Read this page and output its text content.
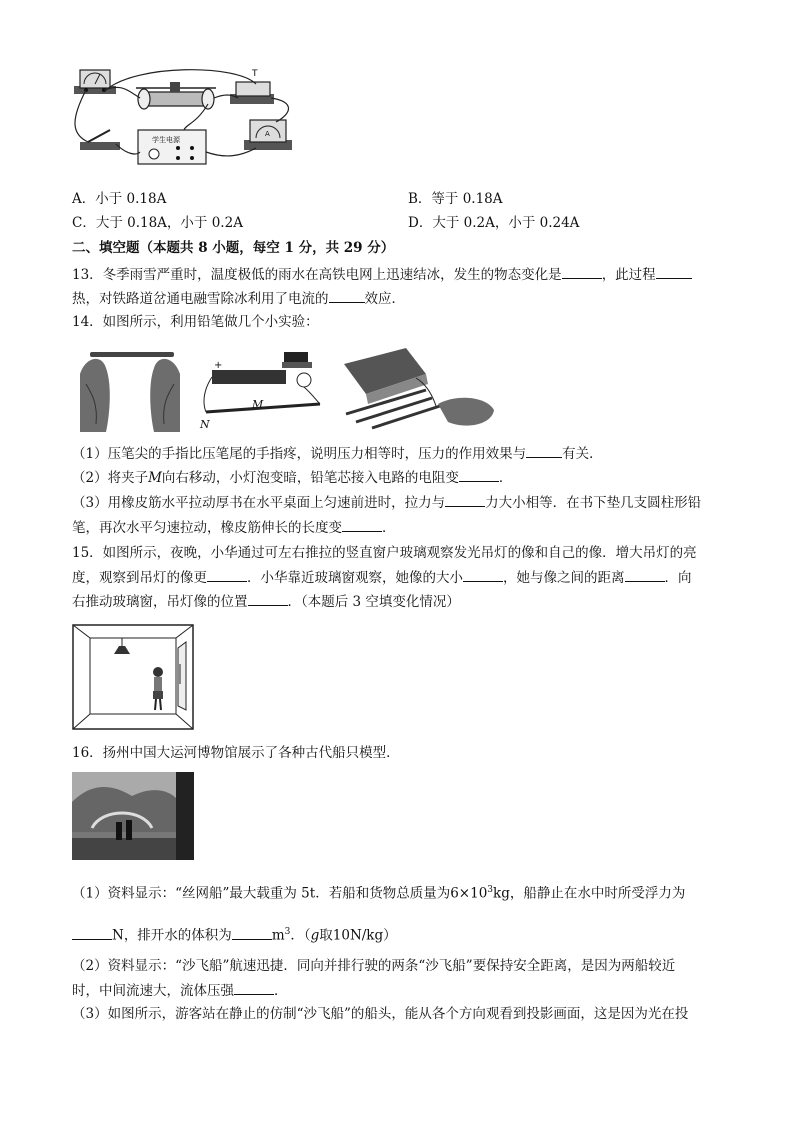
T
学生电源
A
A．小于 0.18A	B．等于 0.18A
C．大于 0.18A，小于 0.2A	D．大于 0.2A，小于 0.24A
二、填空题（本题共 8 小题，每空 1 分，共 29 分）
13．冬季雨雪严重时，温度极低的雨水在高铁电网上迅速结冰，发生的物态变化是	，此过程
热，对铁路道岔通电融雪除冰利用了电流的	效应．
14．如图所示，利用铅笔做几个小实验：
+
N
M
（1）压笔尖的手指比压笔尾的手指疼，说明压力相等时，压力的作用效果与	有关．
（2）将夹子M向右移动，小灯泡变暗，铅笔芯接入电路的电阻变	．
（3）用橡皮筋水平拉动厚书在水平桌面上匀速前进时，拉力与	力大小相等．在书下垫几支圆柱形铅
笔，再次水平匀速拉动，橡皮筋伸长的长度变	．
15．如图所示，夜晚，小华通过可左右推拉的竖直窗户玻璃观察发光吊灯的像和自己的像．增大吊灯的亮
度，观察到吊灯的像更	．小华靠近玻璃窗观察，她像的大小	，她与像之间的距离	．向
右推动玻璃窗，吊灯像的位置	．（本题后 3 空填变化情况）
16．扬州中国大运河博物馆展示了各种古代船只模型．
（1）资料显示：“丝网船”最大载重为 5t．若船和货物总质量为$6\times 10^3kg$，船静止在水中时所受浮力为
N，排开水的体积为	$m^3$．（g取10N/kg）
（2）资料显示：“沙飞船”航速迅捷．同向并排行驶的两条“沙飞船”要保持安全距离，是因为两船较近
时，中间流速大，流体压强	．
（3）如图所示，游客站在静止的仿制“沙飞船”的船头，能从各个方向观看到投影画面，这是因为光在投
